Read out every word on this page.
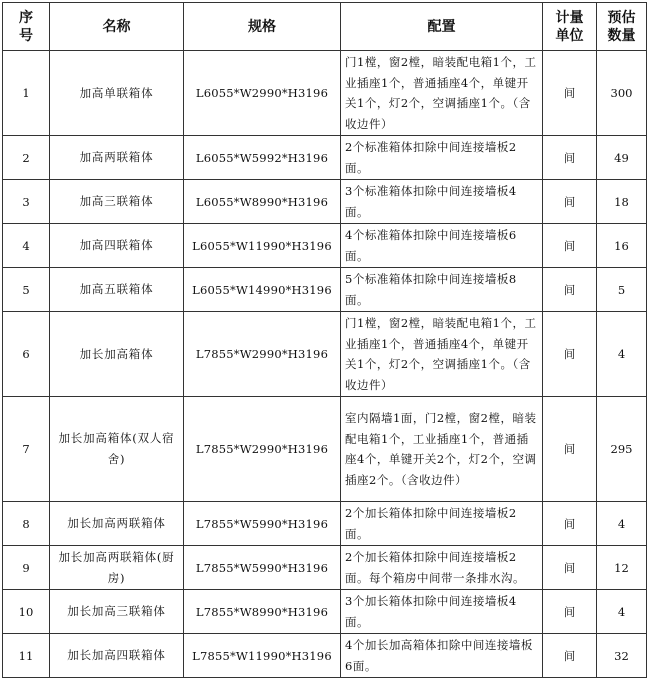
序号	名称	规格	配置	计量单位	预估数量
1	加高单联箱体	L6055*W2990*H3196	门1樘，窗2樘，暗装配电箱1个，工业插座1个，普通插座4个，单键开关1个，灯2个，空调插座1个。（含收边件）	间	300
2	加高两联箱体	L6055*W5992*H3196	2个标准箱体扣除中间连接墙板2面。	间	49
3	加高三联箱体	L6055*W8990*H3196	3个标准箱体扣除中间连接墙板4面。	间	18
4	加高四联箱体	L6055*W11990*H3196	4个标准箱体扣除中间连接墙板6面。	间	16
5	加高五联箱体	L6055*W14990*H3196	5个标准箱体扣除中间连接墙板8面。	间	5
6	加长加高箱体	L7855*W2990*H3196	门1樘，窗2樘，暗装配电箱1个，工业插座1个，普通插座4个，单键开关1个，灯2个，空调插座1个。（含收边件）	间	4
7	加长加高箱体(双人宿舍)	L7855*W2990*H3196	室内隔墙1面，门2樘，窗2樘，暗装配电箱1个，工业插座1个，普通插座4个，单键开关2个，灯2个，空调插座2个。（含收边件）	间	295
8	加长加高两联箱体	L7855*W5990*H3196	2个加长箱体扣除中间连接墙板2面。	间	4
9	加长加高两联箱体(厨房)	L7855*W5990*H3196	2个加长箱体扣除中间连接墙板2面。每个箱房中间带一条排水沟。	间	12
10	加长加高三联箱体	L7855*W8990*H3196	3个加长箱体扣除中间连接墙板4面。	间	4
11	加长加高四联箱体	L7855*W11990*H3196	4个加长加高箱体扣除中间连接墙板6面。	间	32
